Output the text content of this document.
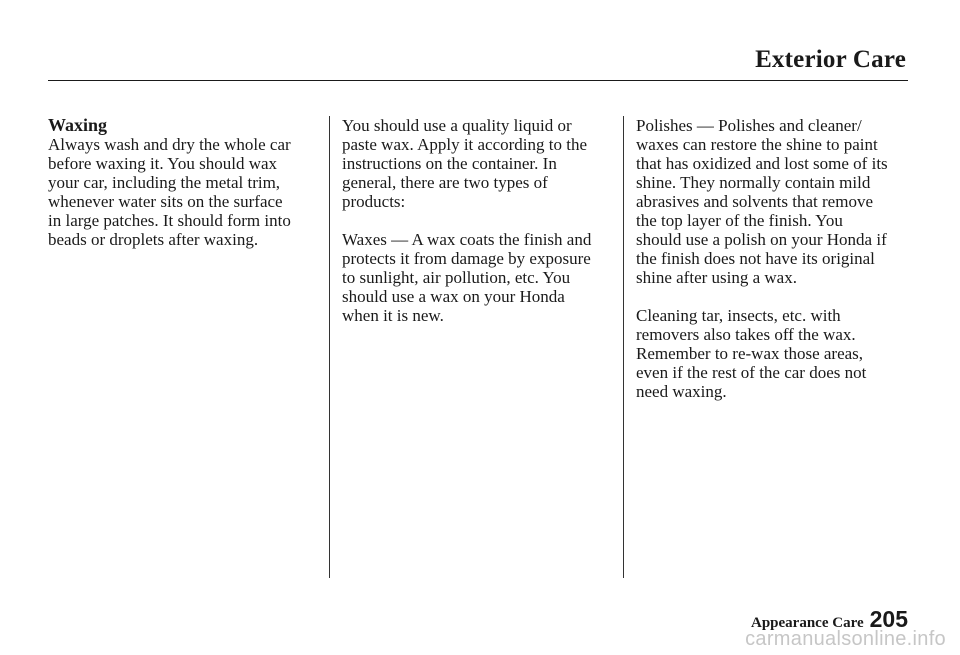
Exterior Care
Waxing
Always wash and dry the whole car
before waxing it. You should wax
your car, including the metal trim,
whenever water sits on the surface
in large patches. It should form into
beads or droplets after waxing.
You should use a quality liquid or
paste wax. Apply it according to the
instructions on the container. In
general, there are two types of
products:
Waxes — A wax coats the finish and
protects it from damage by exposure
to sunlight, air pollution, etc. You
should use a wax on your Honda
when it is new.
Polishes — Polishes and cleaner/
waxes can restore the shine to paint
that has oxidized and lost some of its
shine. They normally contain mild
abrasives and solvents that remove
the top layer of the finish. You
should use a polish on your Honda if
the finish does not have its original
shine after using a wax.
Cleaning tar, insects, etc. with
removers also takes off the wax.
Remember to re-wax those areas,
even if the rest of the car does not
need waxing.
Appearance Care 205
carmanualsonline.info
